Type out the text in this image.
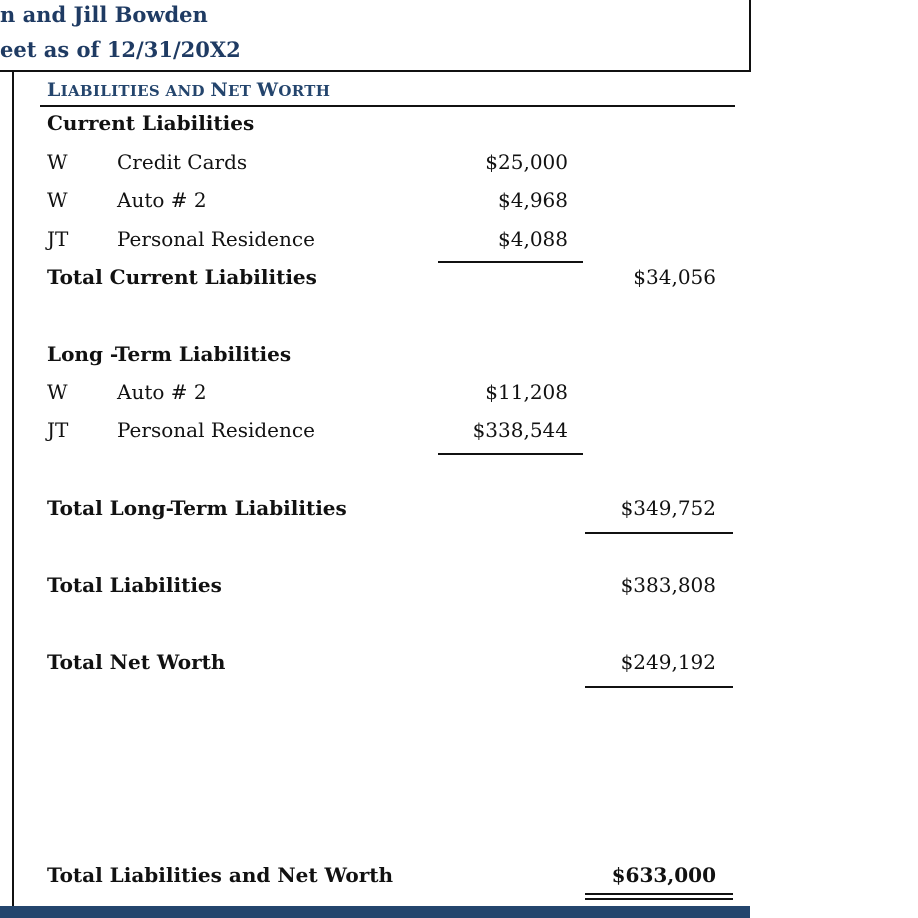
n and Jill Bowden
eet as of 12/31/20X2
LIABILITIES AND NET WORTH
Current Liabilities
W Credit Cards	$25,000
W Auto # 2	$4,968
JT Personal Residence	$4,088
Total Current Liabilities	$34,056
Long -Term Liabilities
W Auto # 2	$11,208
JT Personal Residence	$338,544
Total Long-Term Liabilities	$349,752
Total Liabilities	$383,808
Total Net Worth	$249,192
Total Liabilities and Net Worth	$633,000
